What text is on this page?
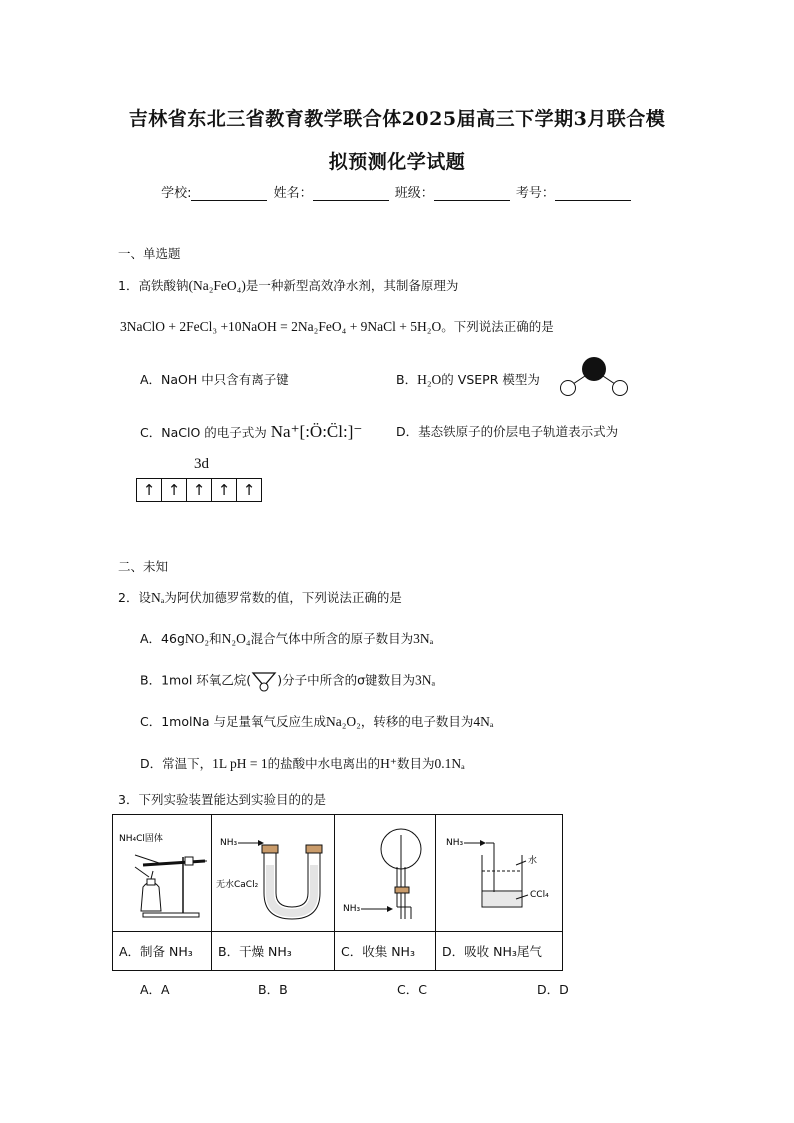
吉林省东北三省教育教学联合体2025届高三下学期3月联合模
拟预测化学试题
学校:	姓名：	班级：	考号：
一、单选题
1．高铁酸钠(Na₂FeO₄)是一种新型高效净水剂，其制备原理为
3NaClO + 2FeCl₃ +10NaOH = 2Na₂FeO₄ + 9NaCl + 5H₂O。下列说法正确的是
A．NaOH 中只含有离子键	B．H₂O的 VSEPR 模型为
C．NaClO 的电子式为 Na⁺[:Ö:C̈l:]⁻	D．基态铁原子的价层电子轨道表示式为
3d
↑ ↑ ↑ ↑ ↑
二、未知
2．设Nₐ为阿伏加德罗常数的值，下列说法正确的是
A．46gNO₂和N₂O₄混合气体中所含的原子数目为3Nₐ
B．1mol 环氧乙烷( )分子中所含的σ键数目为3Nₐ
C．1molNa 与足量氧气反应生成Na₂O₂，转移的电子数目为4Nₐ
D．常温下，1L pH = 1的盐酸中水电离出的H⁺数目为0.1Nₐ
3．下列实验装置能达到实验目的的是
NH₄Cl固体	NH₃
无水CaCl₂	NH₃	NH₃
水
CCl₄

A．制备 NH₃	B．干燥 NH₃	C．收集 NH₃	D．吸收 NH₃尾气
A．A	B．B	C．C	D．D
